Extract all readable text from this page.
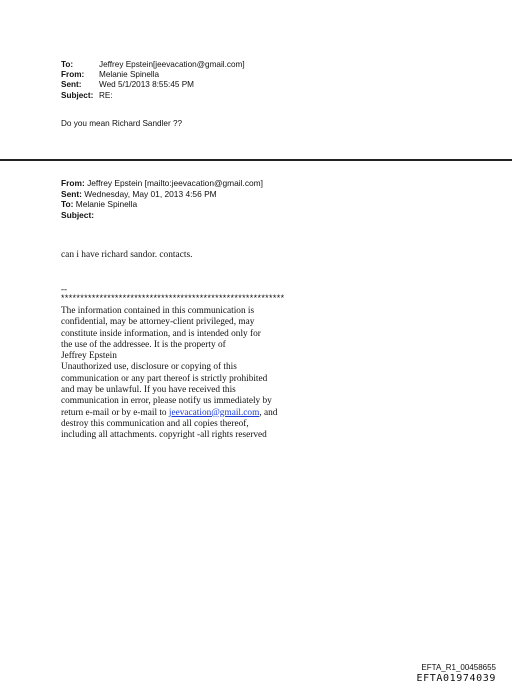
To:	Jeffrey Epstein[jeevacation@gmail.com]
From:	Melanie Spinella
Sent:	Wed 5/1/2013 8:55:45 PM
Subject: RE:
Do you mean Richard Sandler ??
From: Jeffrey Epstein [mailto:jeevacation@gmail.com]
Sent: Wednesday, May 01, 2013 4:56 PM
To: Melanie Spinella
Subject:
can i have richard sandor. contacts.
--
**********************************************************
The information contained in this communication is
confidential, may be attorney-client privileged, may
constitute inside information, and is intended only for
the use of the addressee. It is the property of
Jeffrey Epstein
Unauthorized use, disclosure or copying of this
communication or any part thereof is strictly prohibited
and may be unlawful. If you have received this
communication in error, please notify us immediately by
return e-mail or by e-mail to jeevacation@gmail.com, and
destroy this communication and all copies thereof,
including all attachments. copyright -all rights reserved
EFTA_R1_00458655
EFTA01974039
